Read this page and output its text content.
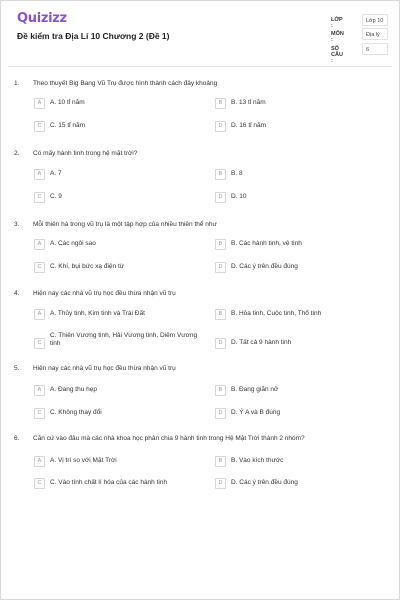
Quizizz
Đề kiểm tra Địa Lí 10 Chương 2 (Đề 1)
LỚP :
Lớp 10
MÔN :
Địa lý
SỐ CÂU :
6
1. Theo thuyết Big Bang Vũ Trụ được hình thành cách đây khoảng
A	A. 10 tỉ năm	B	B. 13 tỉ năm
C	C. 15 tỉ năm	D	D. 16 tỉ năm
2. Có mấy hành tinh trong hệ mặt trời?
A	A. 7	B	B. 8
C	C. 9	D	D. 10
3. Mỗi thiên hà trong vũ trụ là một tập hợp của nhiều thiên thể như
A	A. Các ngôi sao	B	B. Các hành tinh, vệ tinh
C	C. Khí, bụi bức xạ điện từ	D	D. Các ý trên đều đúng
4. Hiện nay các nhà vũ trụ học đều thừa nhận vũ trụ
A	A. Thủy tinh, Kim tinh và Trái Đất	B	B. Hỏa tinh, Cuộc tinh, Thổ tinh
C
C. Thiên Vương tinh, Hải Vương tinh, Diêm Vương tinh	D	D. Tất cả 9 hành tinh
5. Hiện nay các nhà vũ trụ học đều thừa nhận vũ trụ
A	A. Đang thu hẹp	B	B. Đang giãn nở
C	C. Không thay đổi	D	D. Ý A và B đúng
6. Căn cứ vào đâu mà các nhà khoa học phân chia 9 hành tinh trong Hệ Mặt Trời thành 2 nhóm?
A	A. Vị trí so với Mặt Trời	B	B. Vào kích thước
C	C. Vào tính chất lí hóa của các hành tinh	D	D. Các ý trên đều đúng
